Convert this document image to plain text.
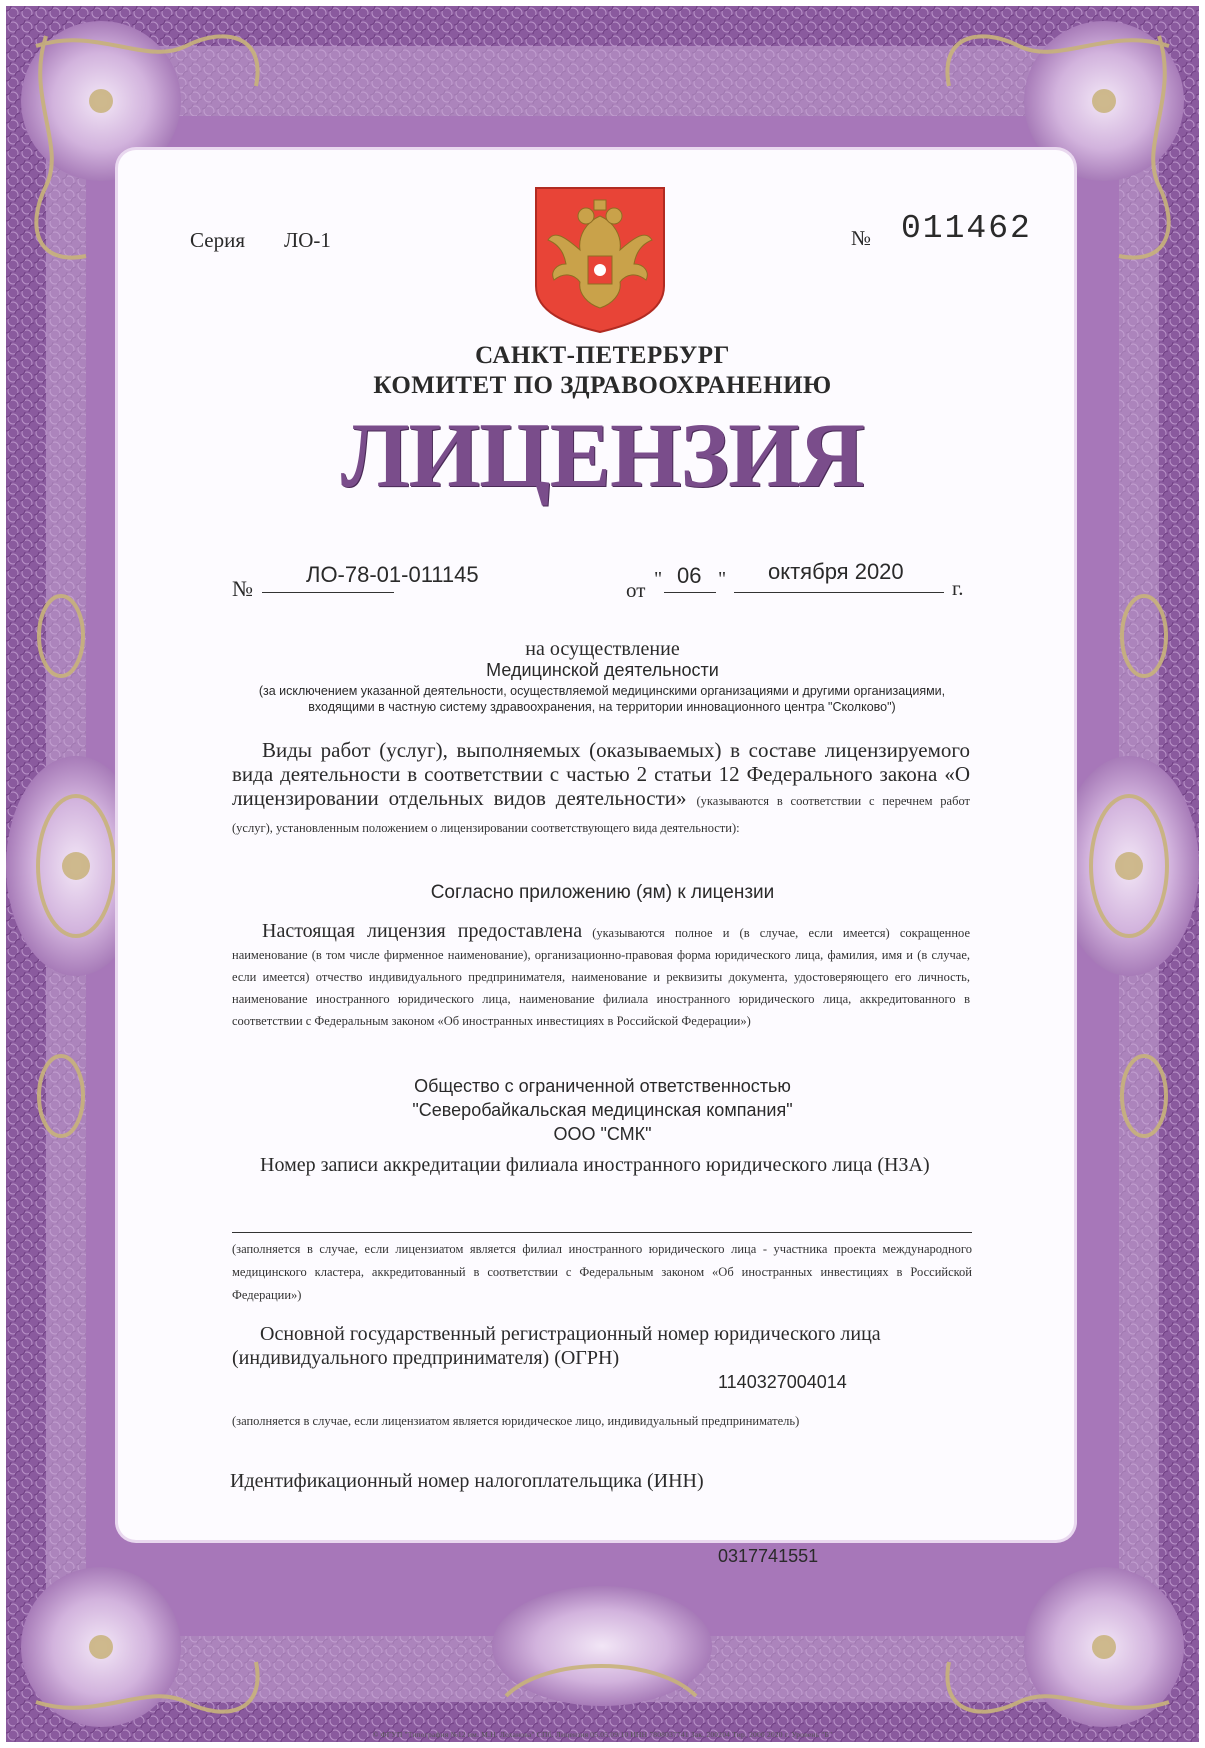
Серия ЛО-1	№ 011462
САНКТ-ПЕТЕРБУРГ
КОМИТЕТ ПО ЗДРАВООХРАНЕНИЮ
ЛИЦЕНЗИЯ
№
ЛО-78-01-011145
от " 06 " октября 2020
г.
на осуществление
Медицинской деятельности
(за исключением указанной деятельности, осуществляемой медицинскими организациями и другими организациями,
входящими в частную систему здравоохранения, на территории инновационного центра "Сколково")
Виды работ (услуг), выполняемых (оказываемых) в составе лицензируемого вида деятельности в соответствии с частью 2 статьи 12 Федерального закона «О лицензировании отдельных видов деятельности» (указываются в соответствии с перечнем работ (услуг), установленным положением о лицензировании соответствующего вида деятельности):
Согласно приложению (ям) к лицензии
Настоящая лицензия предоставлена (указываются полное и (в случае, если имеется) сокращенное наименование (в том числе фирменное наименование), организационно-правовая форма юридического лица, фамилия, имя и (в случае, если имеется) отчество индивидуального предпринимателя, наименование и реквизиты документа, удостоверяющего его личность, наименование иностранного юридического лица, наименование филиала иностранного юридического лица, аккредитованного в соответствии с Федеральным законом «Об иностранных инвестициях в Российской Федерации»)
Общество с ограниченной ответственностью
"Северобайкальская медицинская компания"
ООО "СМК"
Номер записи аккредитации филиала иностранного юридического лица (НЗА)
(заполняется в случае, если лицензиатом является филиал иностранного юридического лица - участника проекта международного медицинского кластера, аккредитованный в соответствии с Федеральным законом «Об иностранных инвестициях в Российской Федерации»)
Основной государственный регистрационный номер юридического лица (индивидуального предпринимателя) (ОГРН)
1140327004014
(заполняется в случае, если лицензиатом является юридическое лицо, индивидуальный предприниматель)
Идентификационный номер налогоплательщика (ИНН)
0317741551
© ФГУП "Типография №12 им. М.Н. Лоханова" СПб. Лицензия 05.05.09/10 ИНН 7808037741 Зак. 200204 Тир. 2000 2020 г. Уровень "Б"
